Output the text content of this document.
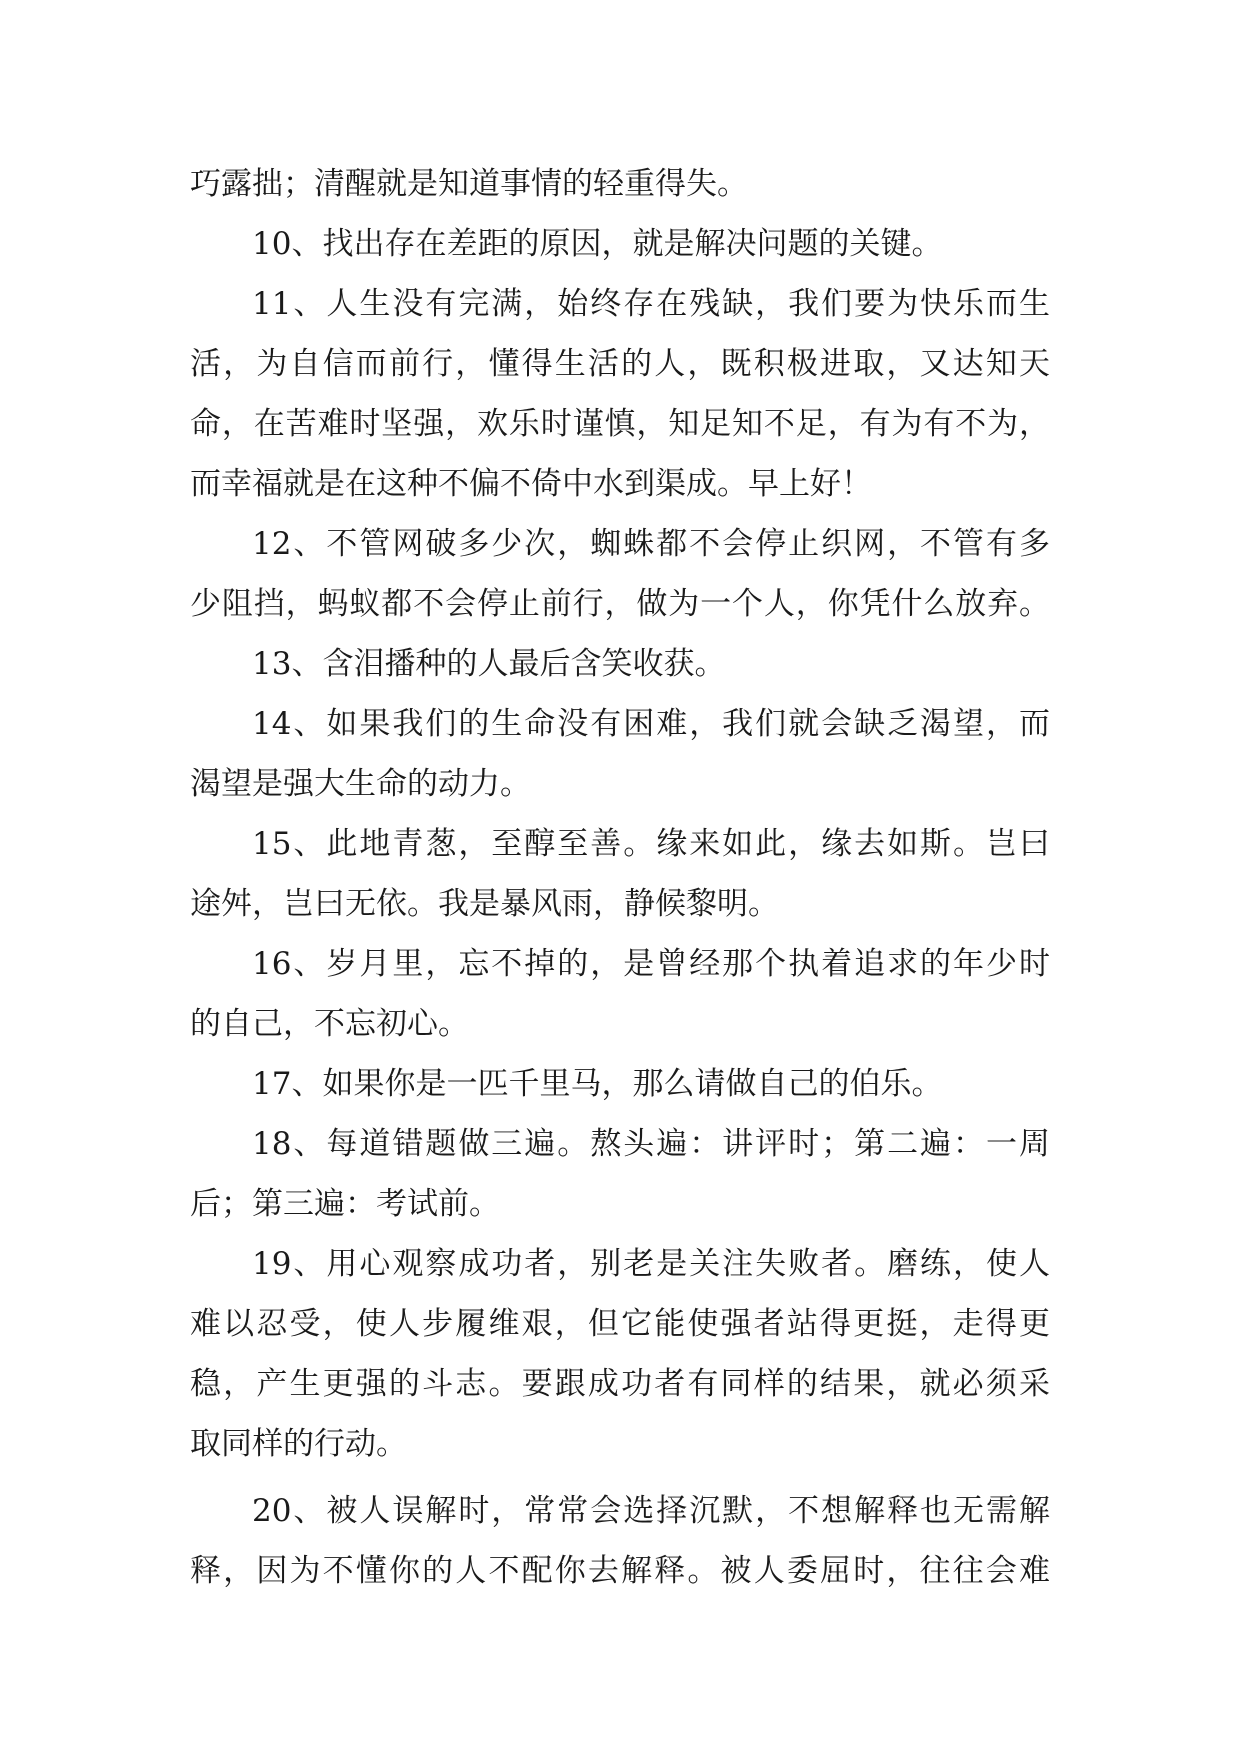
巧露拙；清醒就是知道事情的轻重得失。
10、找出存在差距的原因，就是解决问题的关键。
11、人生没有完满，始终存在残缺，我们要为快乐而生
活，为自信而前行，懂得生活的人，既积极进取，又达知天
命，在苦难时坚强，欢乐时谨慎，知足知不足，有为有不为，
而幸福就是在这种不偏不倚中水到渠成。早上好！
12、不管网破多少次，蜘蛛都不会停止织网，不管有多
少阻挡，蚂蚁都不会停止前行，做为一个人，你凭什么放弃。
13、含泪播种的人最后含笑收获。
14、如果我们的生命没有困难，我们就会缺乏渴望，而
渴望是强大生命的动力。
15、此地青葱，至醇至善。缘来如此，缘去如斯。岂曰
途舛，岂曰无依。我是暴风雨，静候黎明。
16、岁月里，忘不掉的，是曾经那个执着追求的年少时
的自己，不忘初心。
17、如果你是一匹千里马，那么请做自己的伯乐。
18、每道错题做三遍。熬头遍：讲评时；第二遍：一周
后；第三遍：考试前。
19、用心观察成功者，别老是关注失败者。磨练，使人
难以忍受，使人步履维艰，但它能使强者站得更挺，走得更
稳，产生更强的斗志。要跟成功者有同样的结果，就必须采
取同样的行动。
20、被人误解时，常常会选择沉默，不想解释也无需解
释，因为不懂你的人不配你去解释。被人委屈时，往往会难
